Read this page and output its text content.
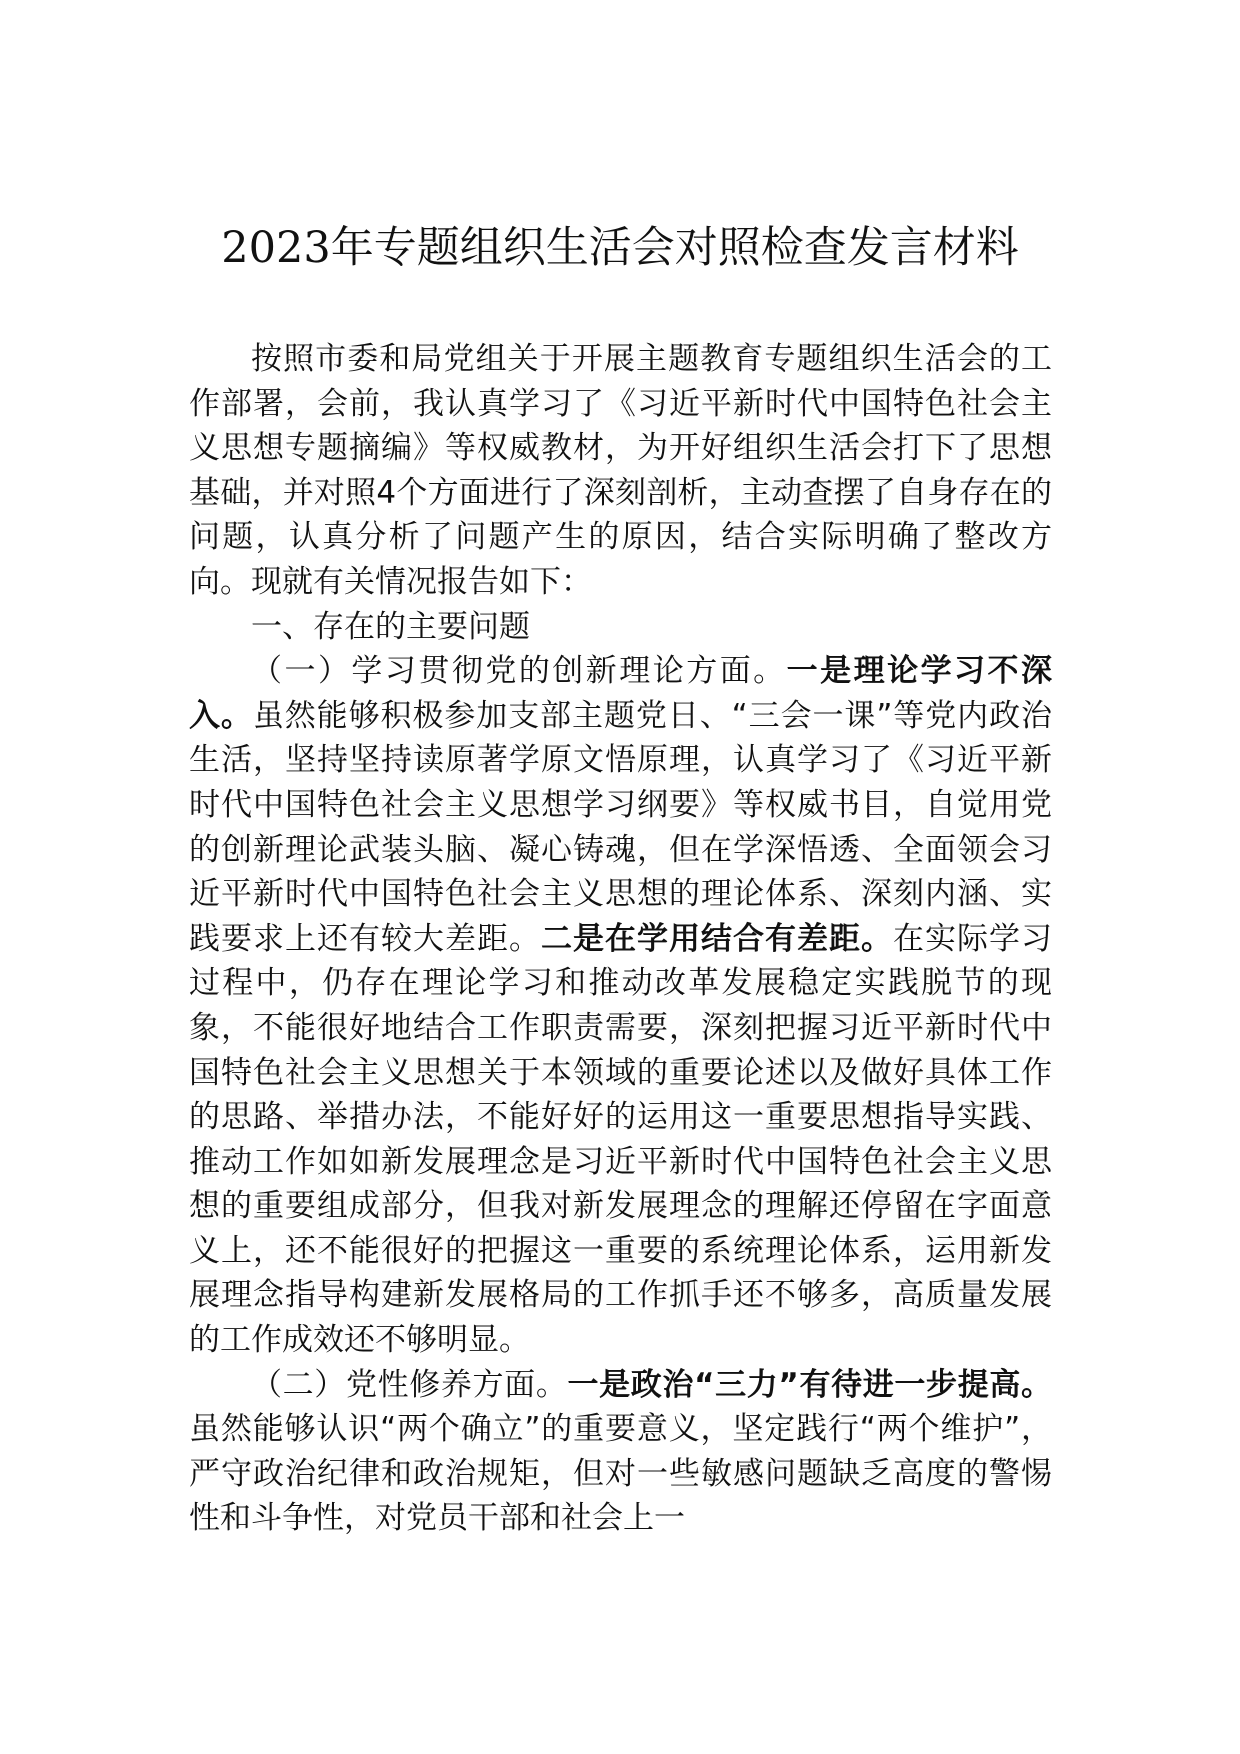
2023年专题组织生活会对照检查发言材料

按照市委和局党组关于开展主题教育专题组织生活会的工作部署，会前，我认真学习了《习近平新时代中国特色社会主义思想专题摘编》等权威教材，为开好组织生活会打下了思想基础，并对照4个方面进行了深刻剖析，主动查摆了自身存在的问题，认真分析了问题产生的原因，结合实际明确了整改方向。现就有关情况报告如下：

一、存在的主要问题

（一）学习贯彻党的创新理论方面。一是理论学习不深入。虽然能够积极参加支部主题党日、“三会一课”等党内政治生活，坚持坚持读原著学原文悟原理，认真学习了《习近平新时代中国特色社会主义思想学习纲要》等权威书目，自觉用党的创新理论武装头脑、凝心铸魂，但在学深悟透、全面领会习近平新时代中国特色社会主义思想的理论体系、深刻内涵、实践要求上还有较大差距。二是在学用结合有差距。在实际学习过程中，仍存在理论学习和推动改革发展稳定实践脱节的现象，不能很好地结合工作职责需要，深刻把握习近平新时代中国特色社会主义思想关于本领域的重要论述以及做好具体工作的思路、举措办法，不能好好的运用这一重要思想指导实践、推动工作如如新发展理念是习近平新时代中国特色社会主义思想的重要组成部分，但我对新发展理念的理解还停留在字面意义上，还不能很好的把握这一重要的系统理论体系，运用新发展理念指导构建新发展格局的工作抓手还不够多，高质量发展的工作成效还不够明显。

（二）党性修养方面。一是政治“三力”有待进一步提高。虽然能够认识“两个确立”的重要意义，坚定践行“两个维护”，严守政治纪律和政治规矩，但对一些敏感问题缺乏高度的警惕性和斗争性，对党员干部和社会上一
